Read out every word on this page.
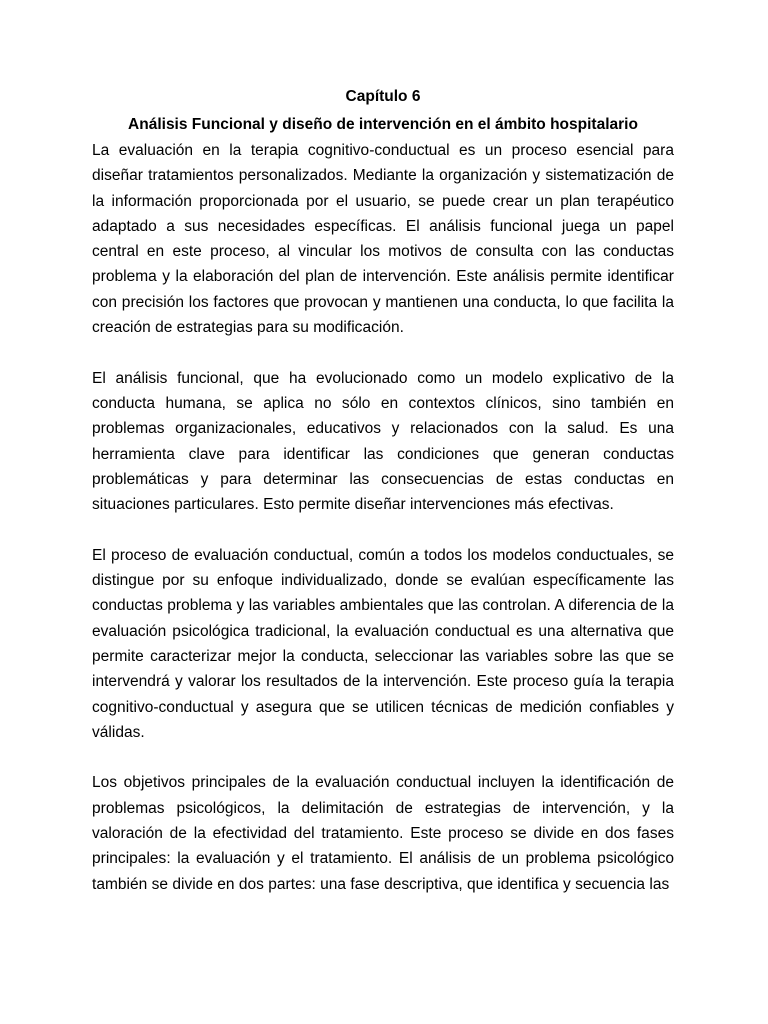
Capítulo 6
Análisis Funcional y diseño de intervención en el ámbito hospitalario

La evaluación en la terapia cognitivo-conductual es un proceso esencial para diseñar tratamientos personalizados. Mediante la organización y sistematización de la información proporcionada por el usuario, se puede crear un plan terapéutico adaptado a sus necesidades específicas. El análisis funcional juega un papel central en este proceso, al vincular los motivos de consulta con las conductas problema y la elaboración del plan de intervención. Este análisis permite identificar con precisión los factores que provocan y mantienen una conducta, lo que facilita la creación de estrategias para su modificación.

El análisis funcional, que ha evolucionado como un modelo explicativo de la conducta humana, se aplica no sólo en contextos clínicos, sino también en problemas organizacionales, educativos y relacionados con la salud. Es una herramienta clave para identificar las condiciones que generan conductas problemáticas y para determinar las consecuencias de estas conductas en situaciones particulares. Esto permite diseñar intervenciones más efectivas.

El proceso de evaluación conductual, común a todos los modelos conductuales, se distingue por su enfoque individualizado, donde se evalúan específicamente las conductas problema y las variables ambientales que las controlan. A diferencia de la evaluación psicológica tradicional, la evaluación conductual es una alternativa que permite caracterizar mejor la conducta, seleccionar las variables sobre las que se intervendrá y valorar los resultados de la intervención. Este proceso guía la terapia cognitivo-conductual y asegura que se utilicen técnicas de medición confiables y válidas.

Los objetivos principales de la evaluación conductual incluyen la identificación de problemas psicológicos, la delimitación de estrategias de intervención, y la valoración de la efectividad del tratamiento. Este proceso se divide en dos fases principales: la evaluación y el tratamiento. El análisis de un problema psicológico también se divide en dos partes: una fase descriptiva, que identifica y secuencia las
